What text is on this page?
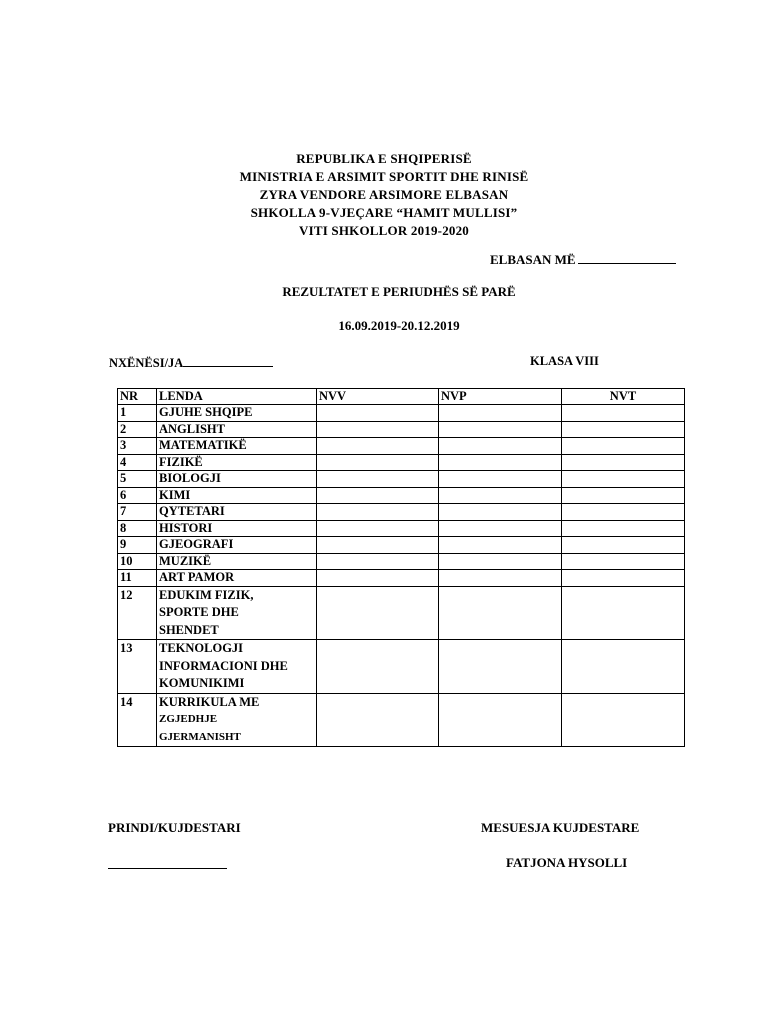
REPUBLIKA E SHQIPERISË
MINISTRIA E ARSIMIT SPORTIT DHE RINISË
ZYRA VENDORE ARSIMORE ELBASAN
SHKOLLA 9-VJEÇARE “HAMIT MULLISI”
VITI SHKOLLOR 2019-2020
ELBASAN MË
REZULTATET E PERIUDHËS SË PARË
16.09.2019-20.12.2019
NXËNËSI/JA	KLASA VIII
NR	LENDA	NVV	NVP	NVT
1	GJUHE SHQIPE			
2	ANGLISHT			
3	MATEMATIKË			
4	FIZIKË			
5	BIOLOGJI			
6	KIMI			
7	QYTETARI			
8	HISTORI			
9	GJEOGRAFI			
10	MUZIKË			
11	ART PAMOR			
12	EDUKIM FIZIK,
SPORTE DHE
SHENDET			

13	TEKNOLOGJI
INFORMACIONI DHE
KOMUNIKIMI			

14	KURRIKULA ME
ZGJEDHJE
GJERMANISHT			

PRINDI/KUJDESTARI	MESUESJA KUJDESTARE
FATJONA HYSOLLI
